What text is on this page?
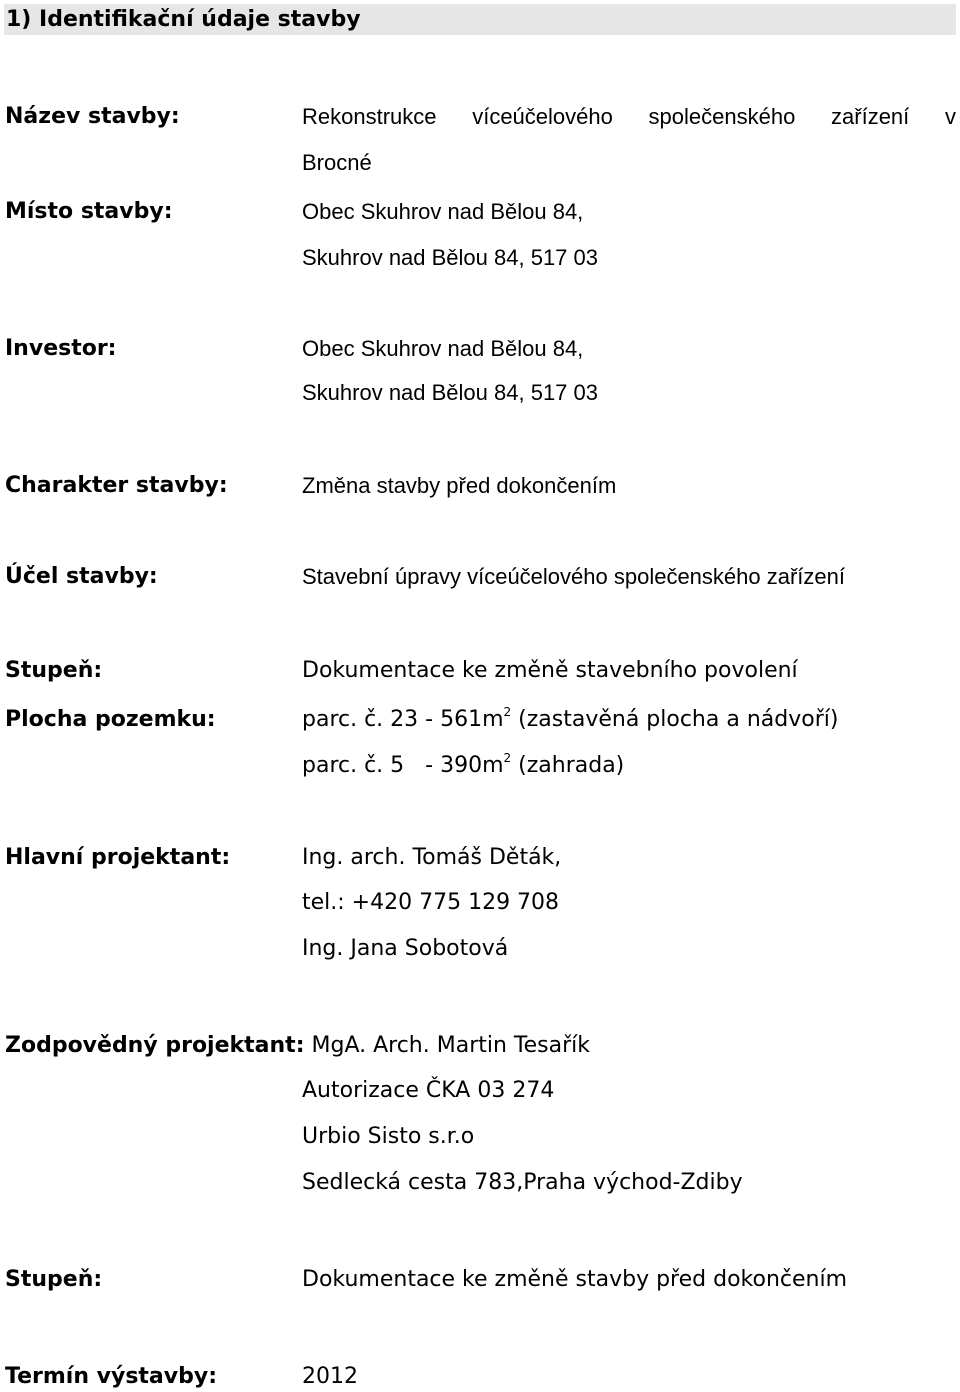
1) Identifikační údaje stavby
Název stavby:	Rekonstrukce víceúčelového společenského zařízení v
Brocné
Místo stavby:	Obec Skuhrov nad Bělou 84,
Skuhrov nad Bělou 84, 517 03
Investor:	Obec Skuhrov nad Bělou 84,
Skuhrov nad Bělou 84, 517 03
Charakter stavby:	Změna stavby před dokončením
Účel stavby:	Stavební úpravy víceúčelového společenského zařízení
Stupeň:	Dokumentace ke změně stavebního povolení
Plocha pozemku:	parc. č. $23 - 561m^2$ (zastavěná plocha a nádvoří)
parc. č. $5 - 390m^2$ (zahrada)
Hlavní projektant:	Ing. arch. Tomáš Děták,
tel.: +420 775 129 708
Ing. Jana Sobotová
Zodpovědný projektant: MgA. Arch. Martin Tesařík
Autorizace ČKA 03 274
Urbio Sisto s.r.o
Sedlecká cesta 783,Praha východ-Zdiby
Stupeň:	Dokumentace ke změně stavby před dokončením
Termín výstavby:	2012
